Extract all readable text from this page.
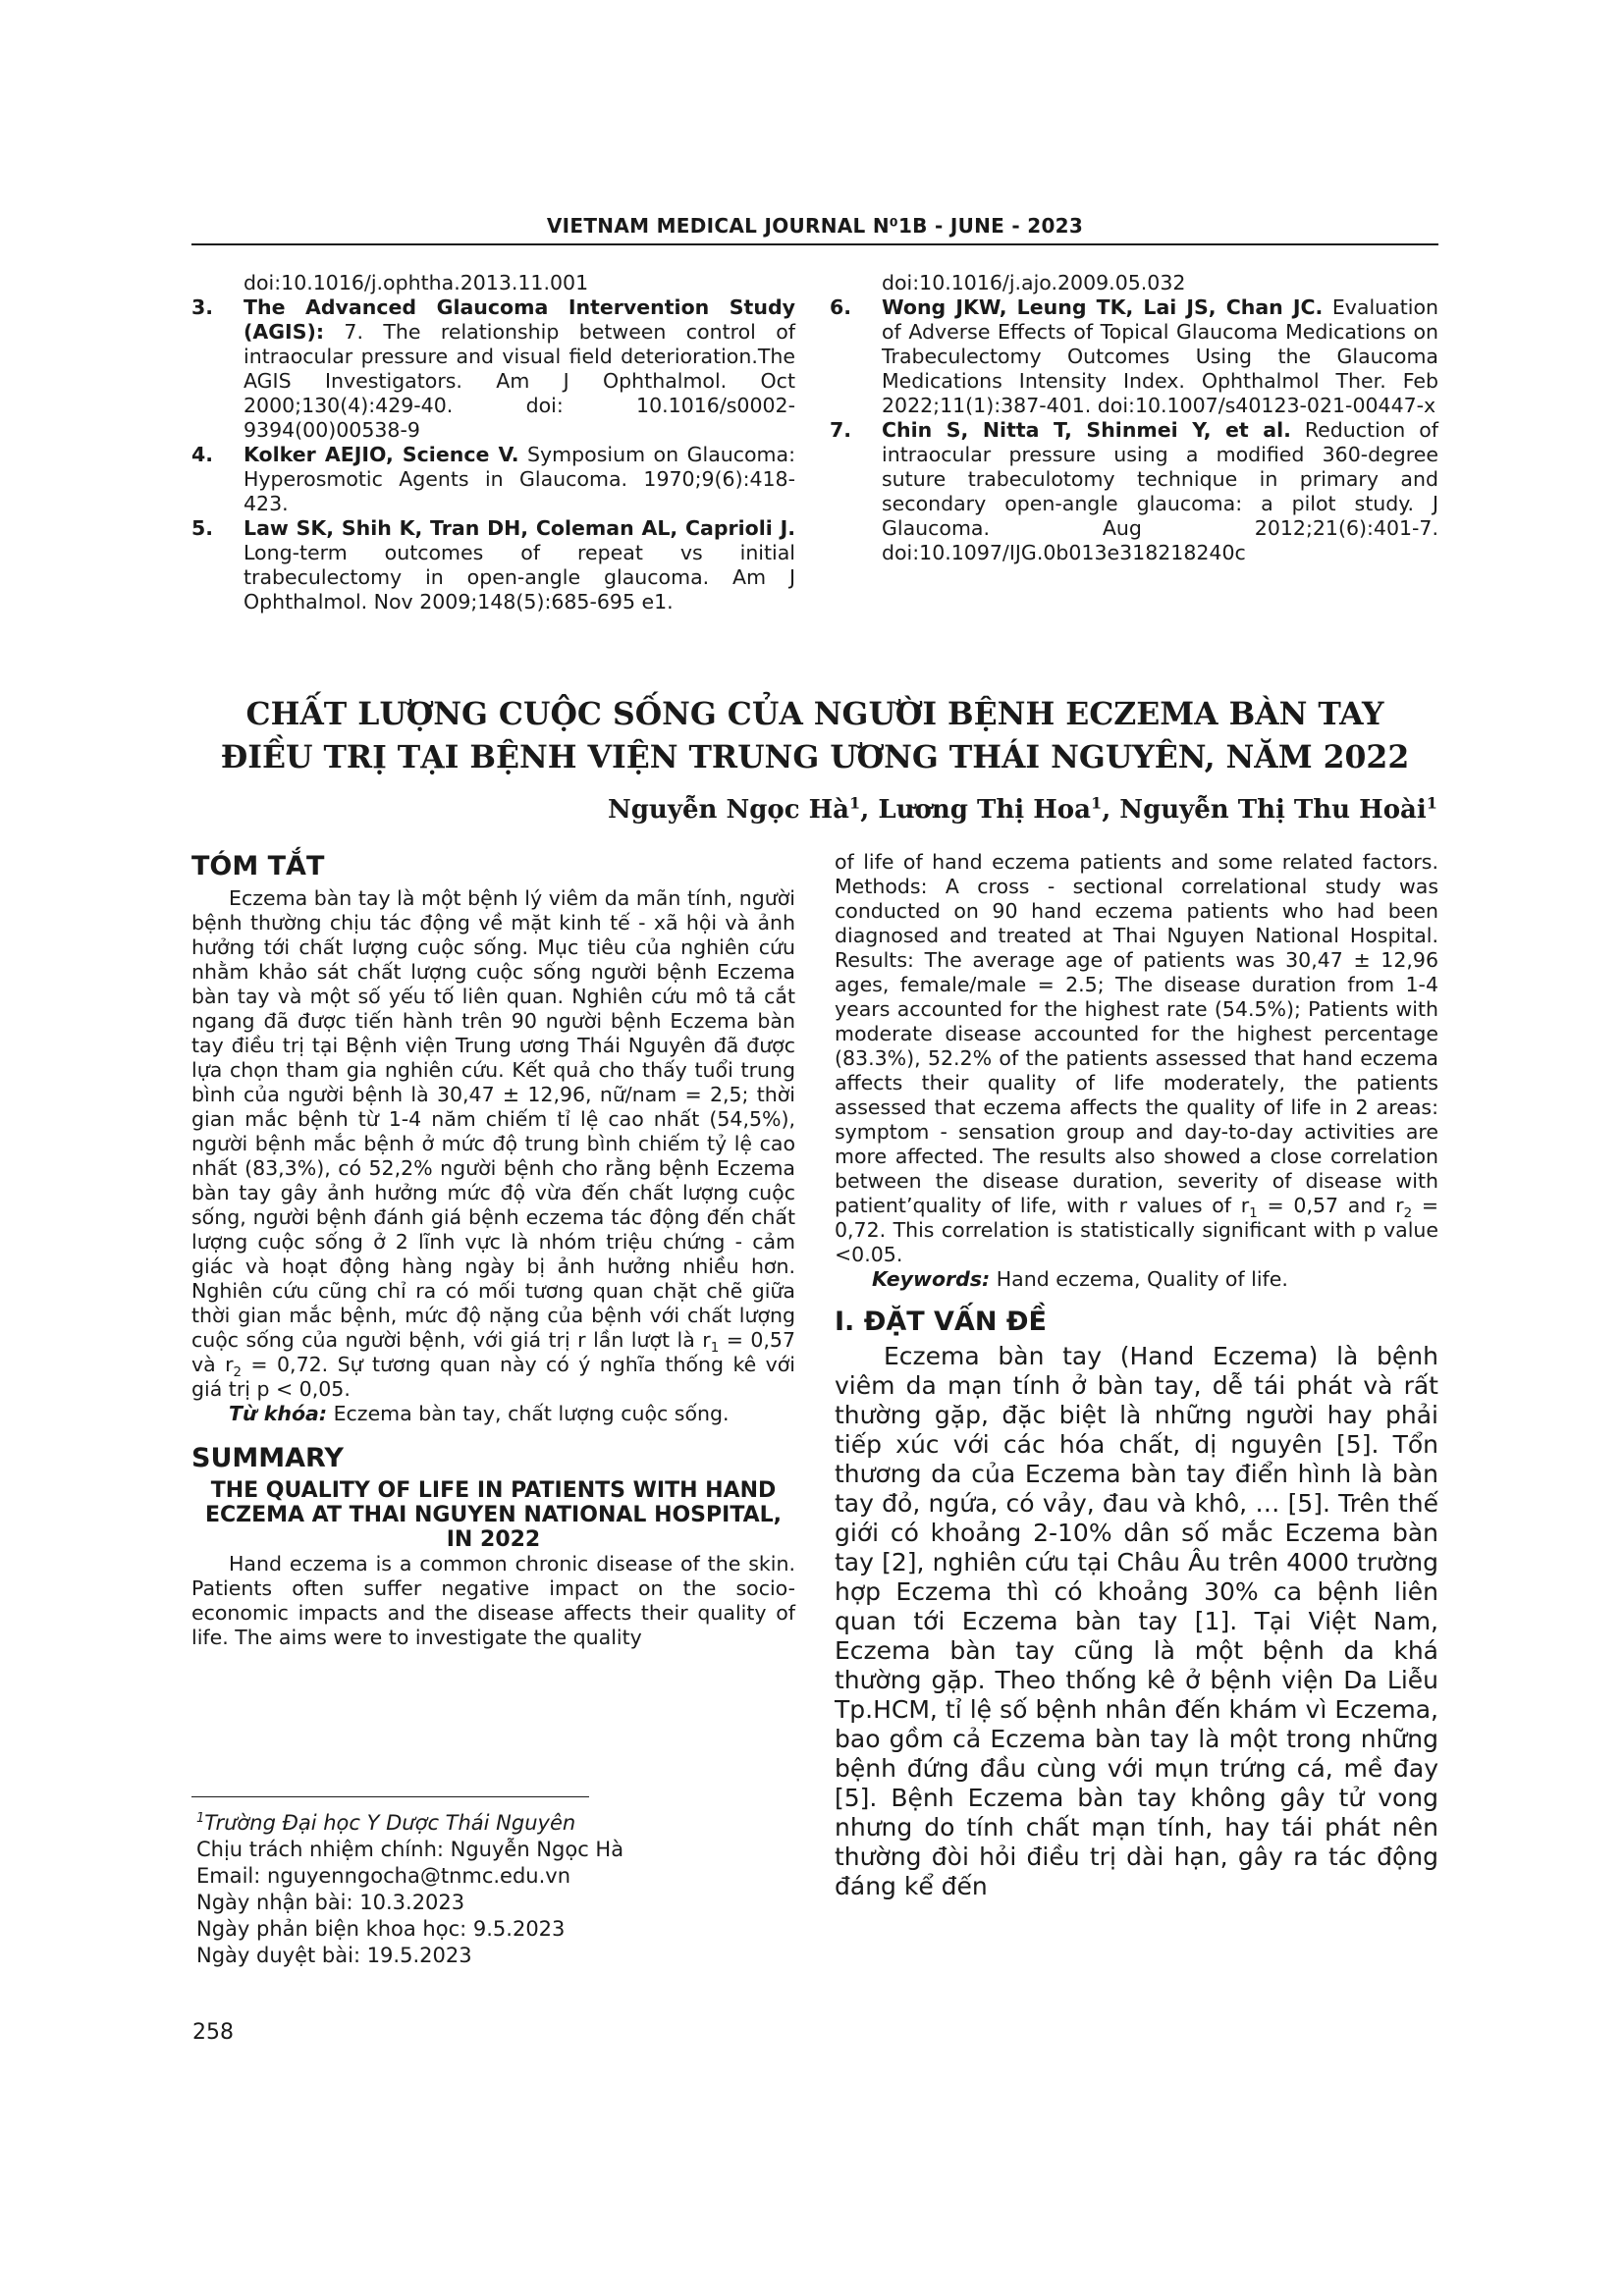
VIETNAM MEDICAL JOURNAL N⁰1B - JUNE - 2023
doi:10.1016/j.ophtha.2013.11.001
3.	The Advanced Glaucoma Intervention Study (AGIS): 7. The relationship between control of intraocular pressure and visual field deterioration.The AGIS Investigators. Am J Ophthalmol. Oct 2000;130(4):429-40. doi: 10.1016/s0002-9394(00)00538-9
4.	Kolker AEJIO, Science V. Symposium on Glaucoma: Hyperosmotic Agents in Glaucoma. 1970;9(6):418-423.
5.	Law SK, Shih K, Tran DH, Coleman AL, Caprioli J. Long-term outcomes of repeat vs initial trabeculectomy in open-angle glaucoma. Am J Ophthalmol. Nov 2009;148(5):685-695 e1.
doi:10.1016/j.ajo.2009.05.032
6.	Wong JKW, Leung TK, Lai JS, Chan JC. Evaluation of Adverse Effects of Topical Glaucoma Medications on Trabeculectomy Outcomes Using the Glaucoma Medications Intensity Index. Ophthalmol Ther. Feb 2022;11(1):387-401. doi:10.1007/s40123-021-00447-x
7.	Chin S, Nitta T, Shinmei Y, et al. Reduction of intraocular pressure using a modified 360-degree suture trabeculotomy technique in primary and secondary open-angle glaucoma: a pilot study. J Glaucoma. Aug 2012;21(6):401-7. doi:10.1097/IJG.0b013e318218240c
CHẤT LƯỢNG CUỘC SỐNG CỦA NGƯỜI BỆNH ECZEMA BÀN TAY
ĐIỀU TRỊ TẠI BỆNH VIỆN TRUNG ƯƠNG THÁI NGUYÊN, NĂM 2022
Nguyễn Ngọc $Hà^1$, Lương Thị Hoa$^1$, Nguyễn Thị Thu Hoài$^1$
TÓM TẮT

Eczema bàn tay là một bệnh lý viêm da mãn tính, người bệnh thường chịu tác động về mặt kinh tế - xã hội và ảnh hưởng tới chất lượng cuộc sống. Mục tiêu của nghiên cứu nhằm khảo sát chất lượng cuộc sống người bệnh Eczema bàn tay và một số yếu tố liên quan. Nghiên cứu mô tả cắt ngang đã được tiến hành trên 90 người bệnh Eczema bàn tay điều trị tại Bệnh viện Trung ương Thái Nguyên đã được lựa chọn tham gia nghiên cứu. Kết quả cho thấy tuổi trung bình của người bệnh là 30,47 ± 12,96, nữ/nam = 2,5; thời gian mắc bệnh từ 1-4 năm chiếm tỉ lệ cao nhất (54,5%), người bệnh mắc bệnh ở mức độ trung bình chiếm tỷ lệ cao nhất (83,3%), có 52,2% người bệnh cho rằng bệnh Eczema bàn tay gây ảnh hưởng mức độ vừa đến chất lượng cuộc sống, người bệnh đánh giá bệnh eczema tác động đến chất lượng cuộc sống ở 2 lĩnh vực là nhóm triệu chứng - cảm giác và hoạt động hàng ngày bị ảnh hưởng nhiều hơn. Nghiên cứu cũng chỉ ra có mối tương quan chặt chẽ giữa thời gian mắc bệnh, mức độ nặng của bệnh với chất lượng cuộc sống của người bệnh, với giá trị r lần lượt là $r_1 = 0,57$ và $r_2 = 0,72$. Sự tương quan này có ý nghĩa thống kê với giá trị p < 0,05.

Từ khóa: Eczema bàn tay, chất lượng cuộc sống.

SUMMARY

THE QUALITY OF LIFE IN PATIENTS WITH HAND ECZEMA AT THAI NGUYEN NATIONAL HOSPITAL, IN 2022

Hand eczema is a common chronic disease of the skin. Patients often suffer negative impact on the socio-economic impacts and the disease affects their quality of life. The aims were to investigate the quality

of life of hand eczema patients and some related factors. Methods: A cross - sectional correlational study was conducted on 90 hand eczema patients who had been diagnosed and treated at Thai Nguyen National Hospital. Results: The average age of patients was 30,47 ± 12,96 ages, female/male = 2.5; The disease duration from 1-4 years accounted for the highest rate (54.5%); Patients with moderate disease accounted for the highest percentage (83.3%), 52.2% of the patients assessed that hand eczema affects their quality of life moderately, the patients assessed that eczema affects the quality of life in 2 areas: symptom - sensation group and day-to-day activities are more affected. The results also showed a close correlation between the disease duration, severity of disease with patient’quality of life, with r values of $r_1 = 0,57$ and $r_2 = 0,72$. This correlation is statistically significant with p value <0.05.

Keywords: Hand eczema, Quality of life.

I. ĐẶT VẤN ĐỀ

Eczema bàn tay (Hand Eczema) là bệnh viêm da mạn tính ở bàn tay, dễ tái phát và rất thường gặp, đặc biệt là những người hay phải tiếp xúc với các hóa chất, dị nguyên [5]. Tổn thương da của Eczema bàn tay điển hình là bàn tay đỏ, ngứa, có vảy, đau và khô, … [5]. Trên thế giới có khoảng 2-10% dân số mắc Eczema bàn tay [2], nghiên cứu tại Châu Âu trên 4000 trường hợp Eczema thì có khoảng 30% ca bệnh liên quan tới Eczema bàn tay [1]. Tại Việt Nam, Eczema bàn tay cũng là một bệnh da khá thường gặp. Theo thống kê ở bệnh viện Da Liễu Tp.HCM, tỉ lệ số bệnh nhân đến khám vì Eczema, bao gồm cả Eczema bàn tay là một trong những bệnh đứng đầu cùng với mụn trứng cá, mề đay [5]. Bệnh Eczema bàn tay không gây tử vong nhưng do tính chất mạn tính, hay tái phát nên thường đòi hỏi điều trị dài hạn, gây ra tác động đáng kể đến

$^1$Trường Đại học Y Dược Thái Nguyên
Chịu trách nhiệm chính: Nguyễn Ngọc Hà
Email: nguyenngocha@tnmc.edu.vn
Ngày nhận bài: 10.3.2023
Ngày phản biện khoa học: 9.5.2023
Ngày duyệt bài: 19.5.2023
258
